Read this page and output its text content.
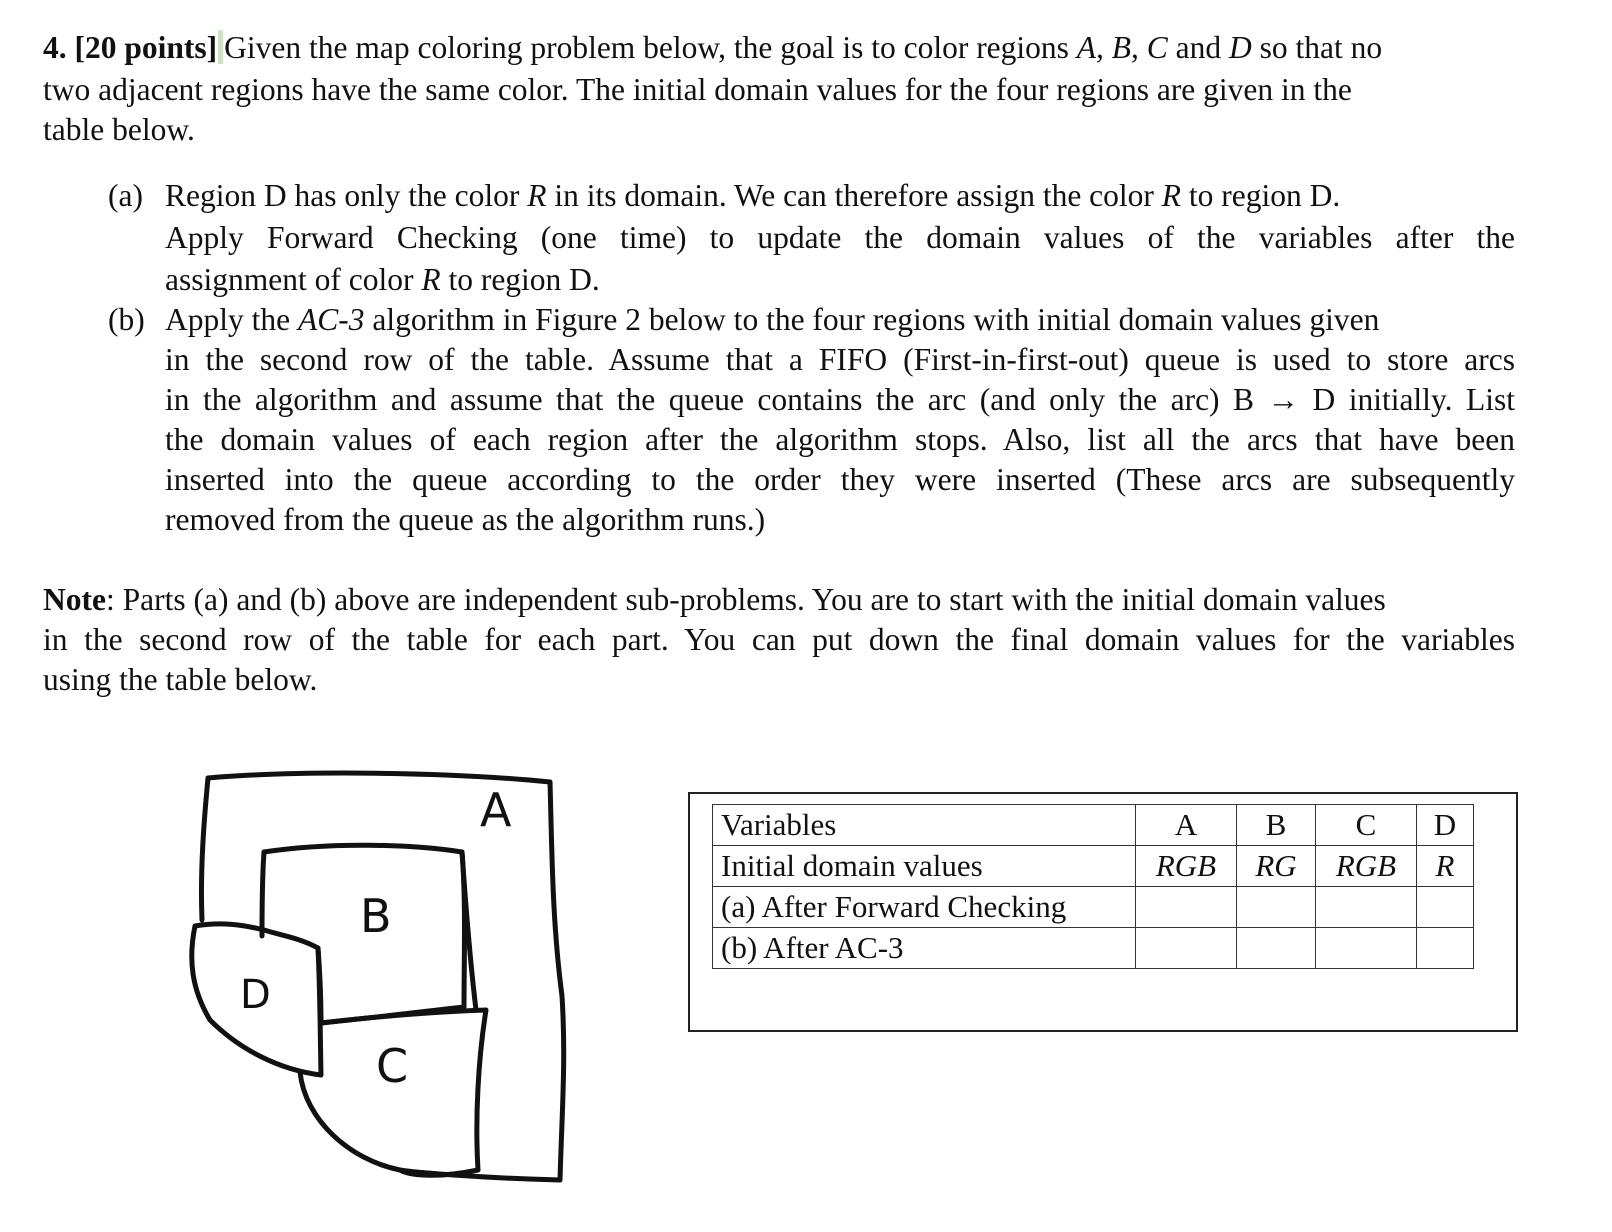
4. [20 points] Given the map coloring problem below, the goal is to color regions A, B, C and D so that no
two adjacent regions have the same color. The initial domain values for the four regions are given in the
table below.
(a) Region D has only the color R in its domain. We can therefore assign the color R to region D.
Apply Forward Checking (one time) to update the domain values of the variables after the
assignment of color R to region D.
(b) Apply the AC-3 algorithm in Figure 2 below to the four regions with initial domain values given
in the second row of the table. Assume that a FIFO (First-in-first-out) queue is used to store arcs
in the algorithm and assume that the queue contains the arc (and only the arc) B → D initially. List
the domain values of each region after the algorithm stops. Also, list all the arcs that have been
inserted into the queue according to the order they were inserted (These arcs are subsequently
removed from the queue as the algorithm runs.)
Note: Parts (a) and (b) above are independent sub-problems. You are to start with the initial domain values
in the second row of the table for each part. You can put down the final domain values for the variables
using the table below.
A
B
C
D
Variables	A	B	C	D
Initial domain values	RGB	RG	RGB	R
(a) After Forward Checking				
(b) After AC-3				
